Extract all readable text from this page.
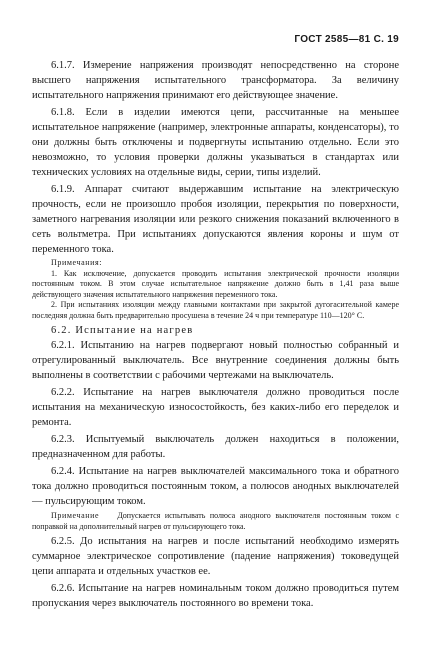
ГОСТ 2585—81 С. 19

6.1.7. Измерение напряжения производят непосредственно на стороне высшего напряжения испытательного трансформатора. За величину испытательного напряжения принимают его действующее значение.

6.1.8. Если в изделии имеются цепи, рассчитанные на меньшее испытательное напряжение (например, электронные аппараты, конденсаторы), то они должны быть отключены и подвергнуты испытанию отдельно. Если это невозможно, то условия проверки должны указываться в стандартах или технических условиях на отдельные виды, серии, типы изделий.

6.1.9. Аппарат считают выдержавшим испытание на электрическую прочность, если не произошло пробоя изоляции, перекрытия по поверхности, заметного нагревания изоляции или резкого снижения показаний включенного в сеть вольтметра. При испытаниях допускаются явления короны и шум от переменного тока.

Примечания:

1. Как исключение, допускается проводить испытания электрической прочности изоляции постоянным током. В этом случае испытательное напряжение должно быть в 1,41 раза выше действующего значения испытательного напряжения переменного тока.

2. При испытаниях изоляции между главными контактами при закрытой дугогасительной камере последняя должна быть предварительно просушена в течение 24 ч при температуре 110—120° С.

6.2. Испытание на нагрев

6.2.1. Испытанию на нагрев подвергают новый полностью собранный и отрегулированный выключатель. Все внутренние соединения должны быть выполнены в соответствии с рабочими чертежами на выключатель.

6.2.2. Испытание на нагрев выключателя должно проводиться после испытания на механическую износостойкость, без каких-либо его переделок и ремонта.

6.2.3. Испытуемый выключатель должен находиться в положении, предназначенном для работы.

6.2.4. Испытание на нагрев выключателей максимального тока и обратного тока должно проводиться постоянным током, а полюсов анодных выключателей — пульсирующим током.

Примечание Допускается испытывать полюса анодного выключателя постоянным током с поправкой на дополнительный нагрев от пульсирующего тока.

6.2.5. До испытания на нагрев и после испытаний необходимо измерять суммарное электрическое сопротивление (падение напряжения) токоведущей цепи аппарата и отдельных участков ее.

6.2.6. Испытание на нагрев номинальным током должно проводиться путем пропускания через выключатель постоянного во времени тока.
